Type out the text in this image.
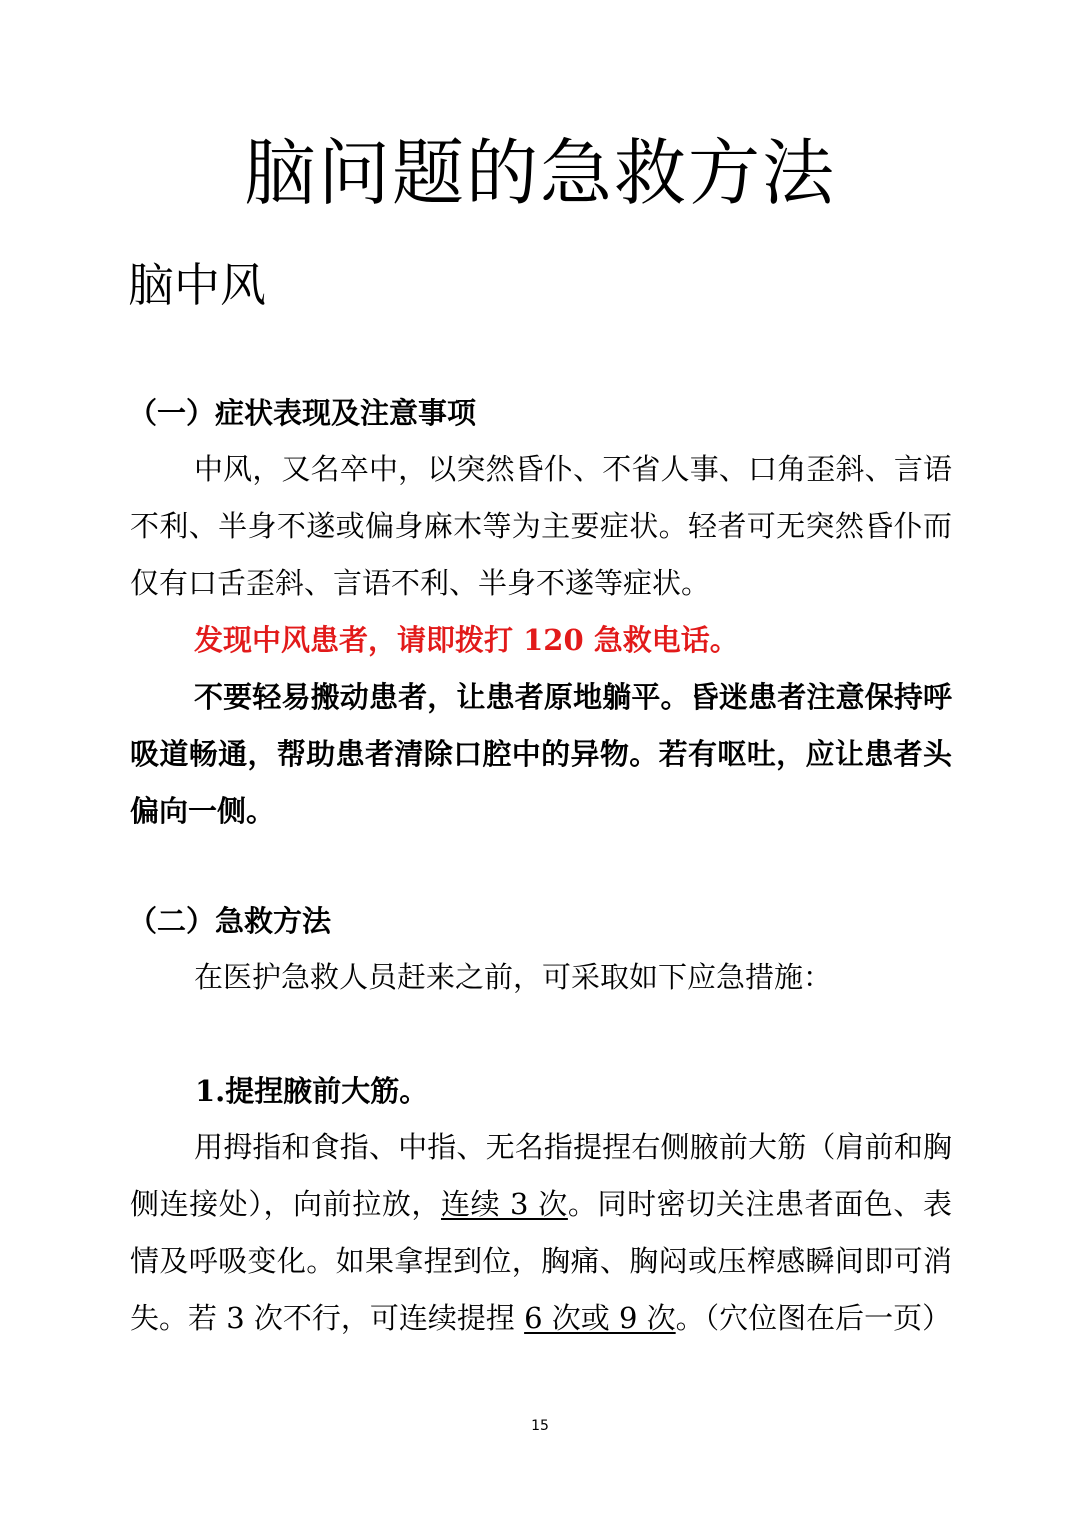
脑问题的急救方法
脑中风
（一）症状表现及注意事项

中风，又名卒中，以突然昏仆、不省人事、口角歪斜、言语不利、半身不遂或偏身麻木等为主要症状。轻者可无突然昏仆而仅有口舌歪斜、言语不利、半身不遂等症状。

发现中风患者，请即拨打 120 急救电话。

不要轻易搬动患者，让患者原地躺平。昏迷患者注意保持呼吸道畅通，帮助患者清除口腔中的异物。若有呕吐，应让患者头偏向一侧。

（二）急救方法

在医护急救人员赶来之前，可采取如下应急措施：

1.提捏腋前大筋。

用拇指和食指、中指、无名指提捏右侧腋前大筋（肩前和胸侧连接处），向前拉放，连续 3 次。同时密切关注患者面色、表情及呼吸变化。如果拿捏到位，胸痛、胸闷或压榨感瞬间即可消失。若 3 次不行，可连续提捏 6 次或 9 次。（穴位图在后一页）

15
